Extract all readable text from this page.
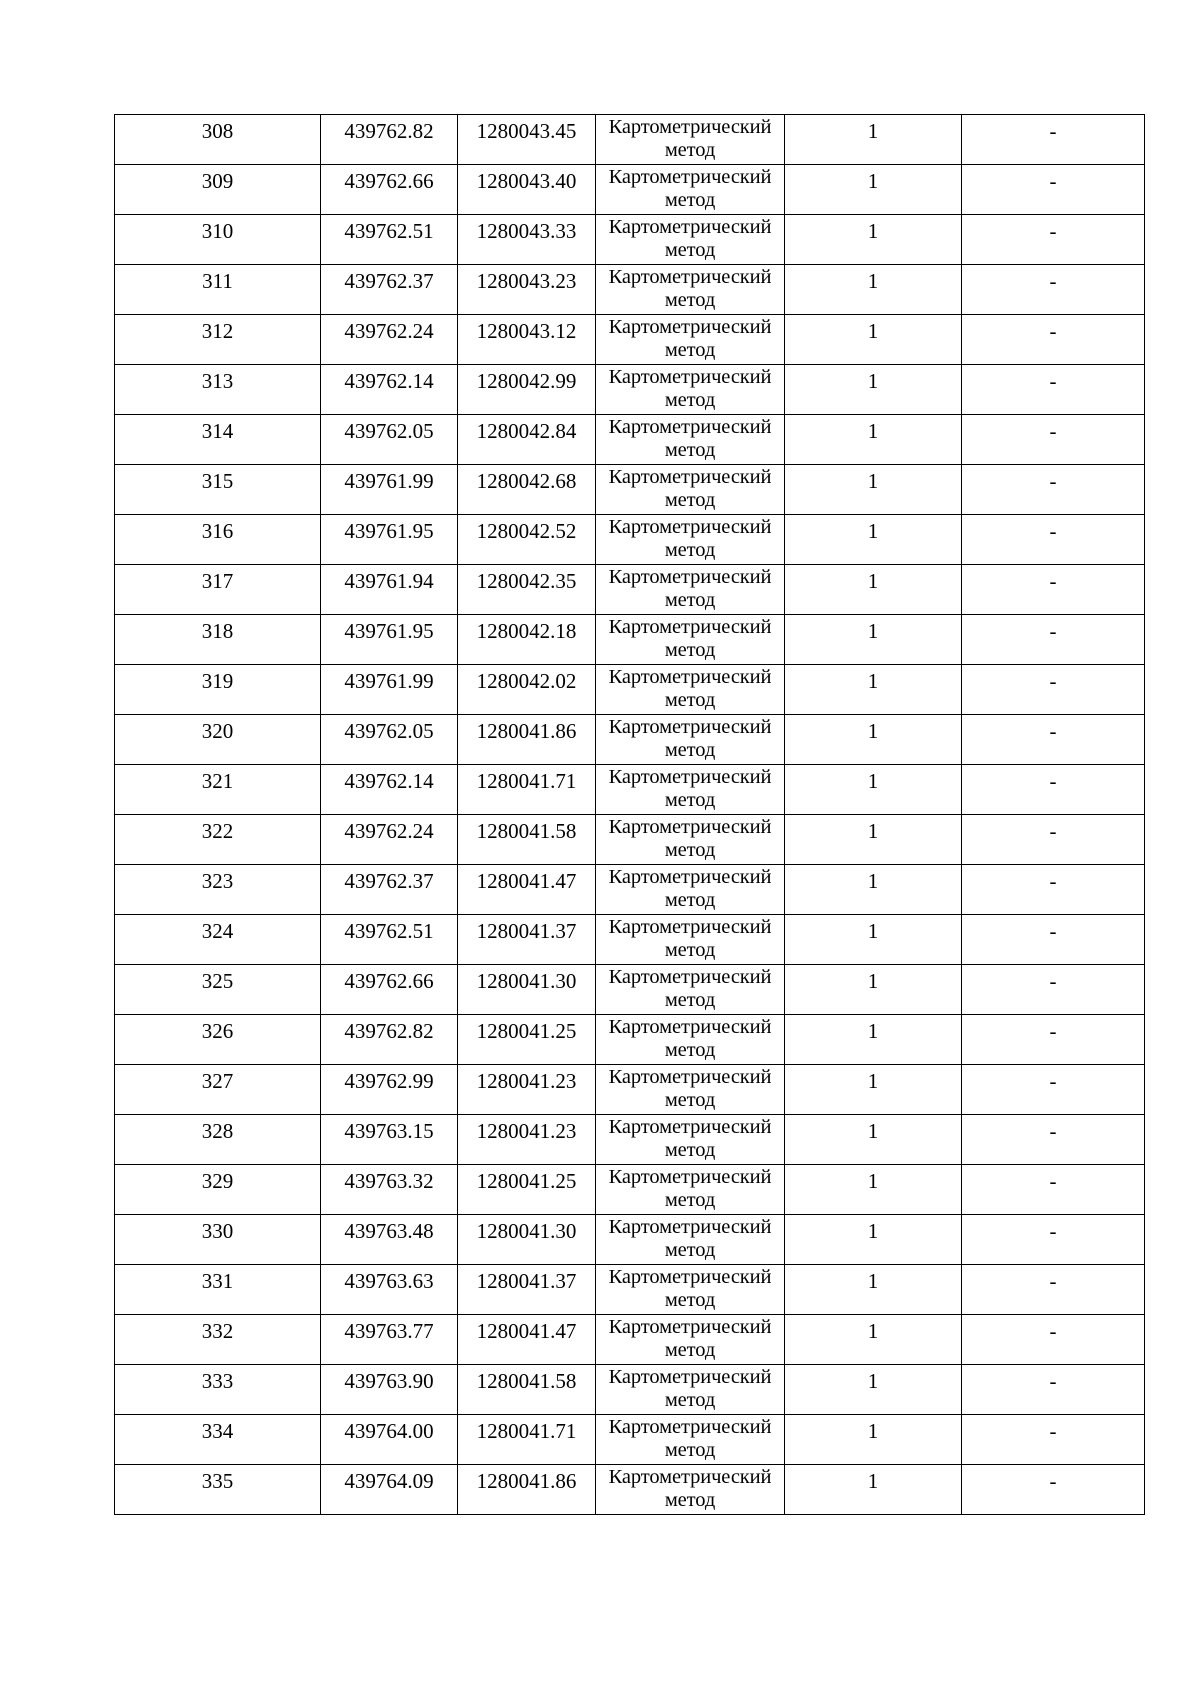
308	439762.82	1280043.45	Картометрический
метод	1	-
309	439762.66	1280043.40	Картометрический
метод	1	-
310	439762.51	1280043.33	Картометрический
метод	1	-
311	439762.37	1280043.23	Картометрический
метод	1	-
312	439762.24	1280043.12	Картометрический
метод	1	-
313	439762.14	1280042.99	Картометрический
метод	1	-
314	439762.05	1280042.84	Картометрический
метод	1	-
315	439761.99	1280042.68	Картометрический
метод	1	-
316	439761.95	1280042.52	Картометрический
метод	1	-
317	439761.94	1280042.35	Картометрический
метод	1	-
318	439761.95	1280042.18	Картометрический
метод	1	-
319	439761.99	1280042.02	Картометрический
метод	1	-
320	439762.05	1280041.86	Картометрический
метод	1	-
321	439762.14	1280041.71	Картометрический
метод	1	-
322	439762.24	1280041.58	Картометрический
метод	1	-
323	439762.37	1280041.47	Картометрический
метод	1	-
324	439762.51	1280041.37	Картометрический
метод	1	-
325	439762.66	1280041.30	Картометрический
метод	1	-
326	439762.82	1280041.25	Картометрический
метод	1	-
327	439762.99	1280041.23	Картометрический
метод	1	-
328	439763.15	1280041.23	Картометрический
метод	1	-
329	439763.32	1280041.25	Картометрический
метод	1	-
330	439763.48	1280041.30	Картометрический
метод	1	-
331	439763.63	1280041.37	Картометрический
метод	1	-
332	439763.77	1280041.47	Картометрический
метод	1	-
333	439763.90	1280041.58	Картометрический
метод	1	-
334	439764.00	1280041.71	Картометрический
метод	1	-
335	439764.09	1280041.86	Картометрический
метод	1	-
